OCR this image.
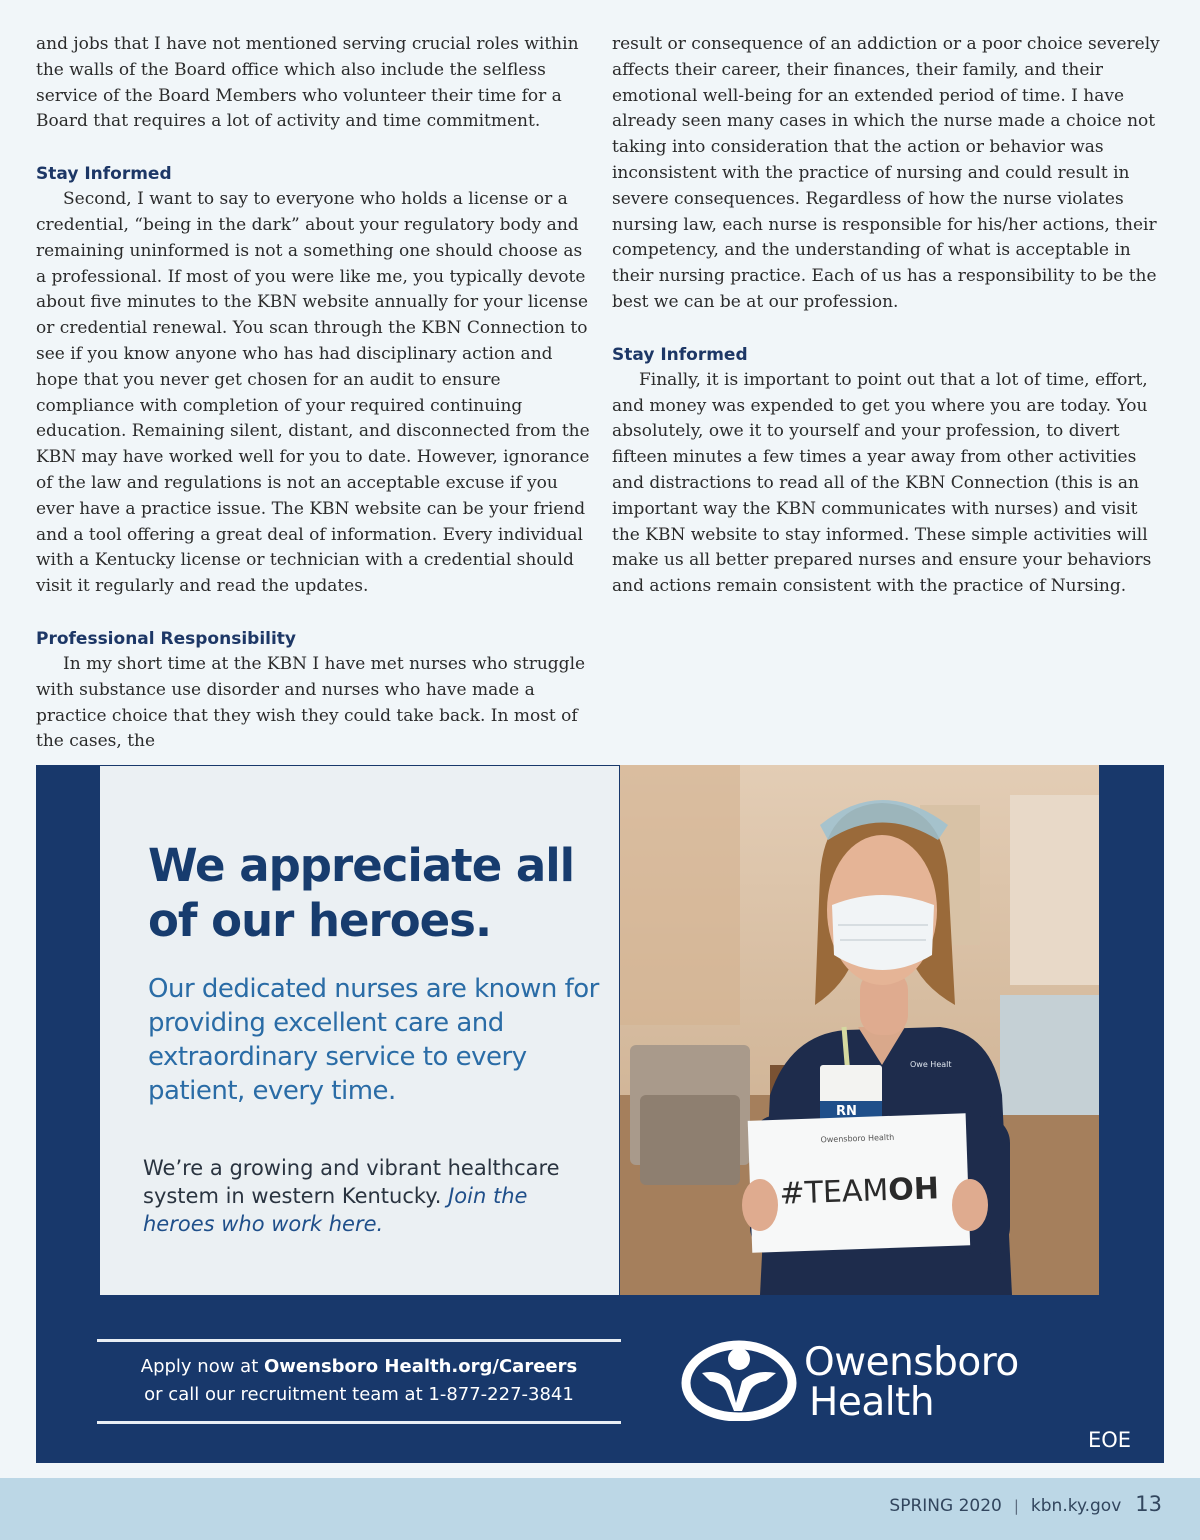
and jobs that I have not mentioned serving crucial roles within the walls of the Board office which also include the selfless service of the Board Members who volunteer their time for a Board that requires a lot of activity and time commitment.

Stay Informed

Second, I want to say to everyone who holds a license or a credential, “being in the dark” about your regulatory body and remaining uninformed is not a something one should choose as a professional. If most of you were like me, you typically devote about five minutes to the KBN website annually for your license or credential renewal. You scan through the KBN Connection to see if you know anyone who has had disciplinary action and hope that you never get chosen for an audit to ensure compliance with completion of your required continuing education. Remaining silent, distant, and disconnected from the KBN may have worked well for you to date. However, ignorance of the law and regulations is not an acceptable excuse if you ever have a practice issue. The KBN website can be your friend and a tool offering a great deal of information. Every individual with a Kentucky license or technician with a credential should visit it regularly and read the updates.

Professional Responsibility

In my short time at the KBN I have met nurses who struggle with substance use disorder and nurses who have made a practice choice that they wish they could take back. In most of the cases, the

result or consequence of an addiction or a poor choice severely affects their career, their finances, their family, and their emotional well-being for an extended period of time. I have already seen many cases in which the nurse made a choice not taking into consideration that the action or behavior was inconsistent with the practice of nursing and could result in severe consequences. Regardless of how the nurse violates nursing law, each nurse is responsible for his/her actions, their competency, and the understanding of what is acceptable in their nursing practice. Each of us has a responsibility to be the best we can be at our profession.

Stay Informed

Finally, it is important to point out that a lot of time, effort, and money was expended to get you where you are today. You absolutely, owe it to yourself and your profession, to divert fifteen minutes a few times a year away from other activities and distractions to read all of the KBN Connection (this is an important way the KBN communicates with nurses) and visit the KBN website to stay informed. These simple activities will make us all better prepared nurses and ensure your behaviors and actions remain consistent with the practice of Nursing.

We appreciate all of our heroes.
Our dedicated nurses are known for providing excellent care and extraordinary service to every patient, every time.
We’re a growing and vibrant healthcare system in western Kentucky. Join the heroes who work here.
RN
Owe Healt
#TEAMOH
Owensboro Health
Apply now at Owensboro Health.org/Careers
or call our recruitment team at 1-877-227-3841
Owensboro
Health
EOE
SPRING 2020 | kbn.ky.gov 13
